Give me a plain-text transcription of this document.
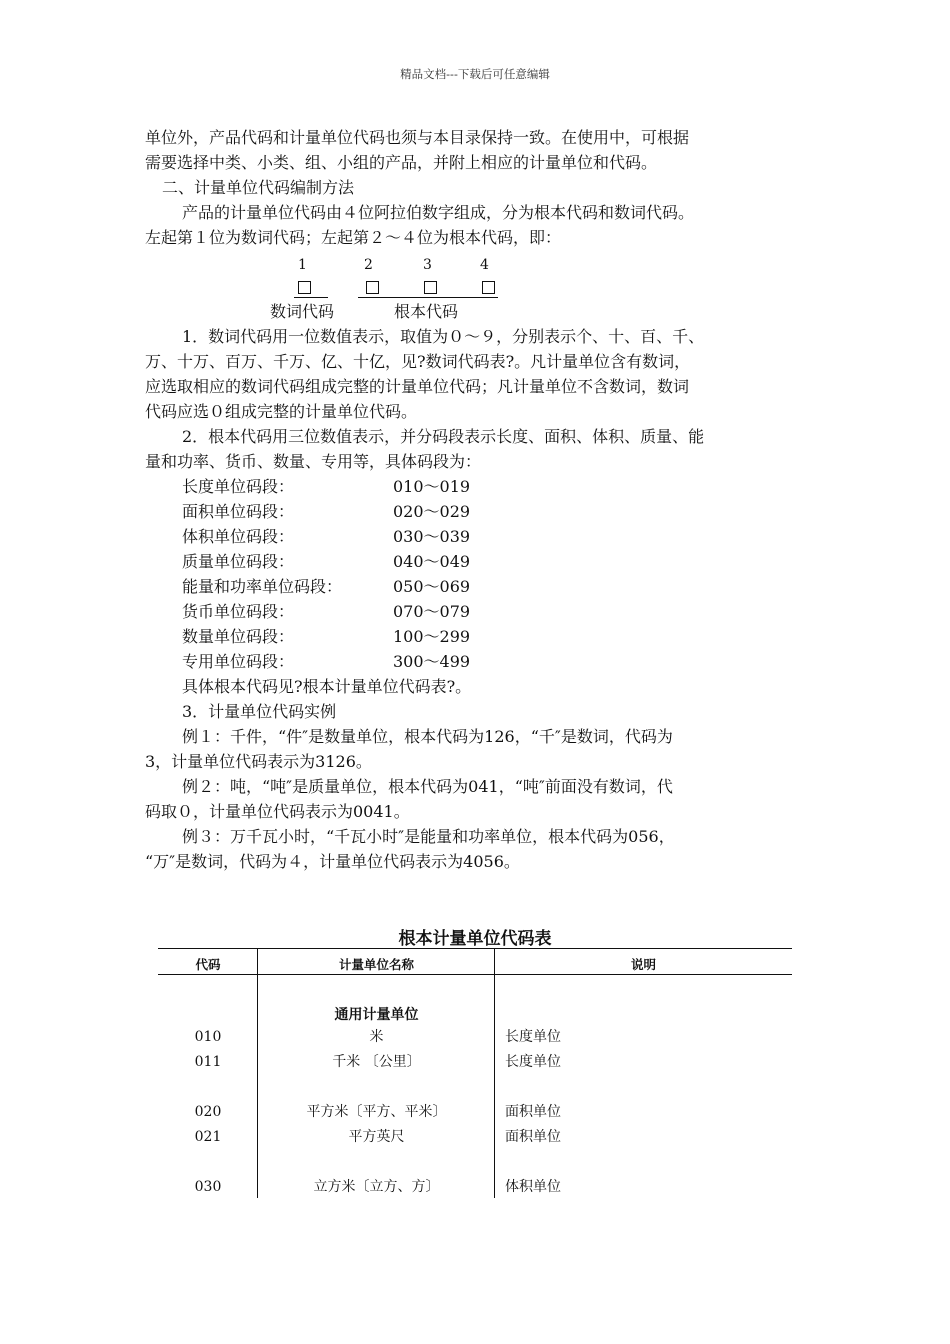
精品文档---下载后可任意编辑
单位外，产品代码和计量单位代码也须与本目录保持一致。在使用中，可根据
需要选择中类、小类、组、小组的产品，并附上相应的计量单位和代码。
二、计量单位代码编制方法
产品的计量单位代码由４位阿拉伯数字组成，分为根本代码和数词代码。
左起第１位为数词代码；左起第２～４位为根本代码，即：
1	2	3	4
数词代码	根本代码
1．数词代码用一位数值表示，取值为０～９，分别表示个、十、百、千、
万、十万、百万、千万、亿、十亿，见?数词代码表?。凡计量单位含有数词，
应选取相应的数词代码组成完整的计量单位代码；凡计量单位不含数词，数词
代码应选０组成完整的计量单位代码。
2．根本代码用三位数值表示，并分码段表示长度、面积、体积、质量、能
量和功率、货币、数量、专用等，具体码段为：
长度单位码段：	010～019
面积单位码段：	020～029
体积单位码段：	030～039
质量单位码段：	040～049
能量和功率单位码段：	050～069
货币单位码段：	070～079
数量单位码段：	100～299
专用单位码段：	300～499
具体根本代码见?根本计量单位代码表?。
3．计量单位代码实例
例１：千件，“件″是数量单位，根本代码为126，“千″是数词，代码为
3，计量单位代码表示为3126。
例２：吨，“吨″是质量单位，根本代码为041，“吨″前面没有数词，代
码取０，计量单位代码表示为0041。
例３：万千瓦小时，“千瓦小时″是能量和功率单位，根本代码为056，
“万″是数词，代码为４，计量单位代码表示为4056。
根本计量单位代码表
代码	计量单位名称	说明
通用计量单位
010	米	长度单位
011	千米 〔公里〕	长度单位
020	平方米〔平方、平米〕	面积单位
021	平方英尺	面积单位
030	立方米〔立方、方〕	体积单位
